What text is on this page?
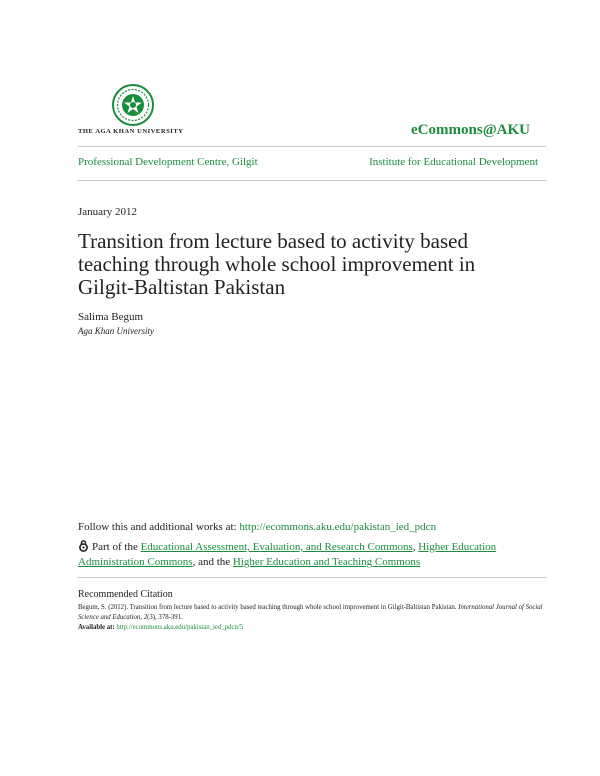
THE AGA KHAN UNIVERSITY	eCommons@AKU
Professional Development Centre, Gilgit	Institute for Educational Development
January 2012
Transition from lecture based to activity based teaching through whole school improvement in Gilgit-Baltistan Pakistan
Salima Begum
Aga Khan University
Follow this and additional works at: http://ecommons.aku.edu/pakistan_ied_pdcn
Part of the Educational Assessment, Evaluation, and Research Commons, Higher Education Administration Commons, and the Higher Education and Teaching Commons
Recommended Citation
Begum, S. (2012). Transition from lecture based to activity based teaching through whole school improvement in Gilgit-Baltistan Pakistan. International Journal of Social Science and Education, 2(3), 378-391.
Available at: http://ecommons.aku.edu/pakistan_ied_pdcn/5
